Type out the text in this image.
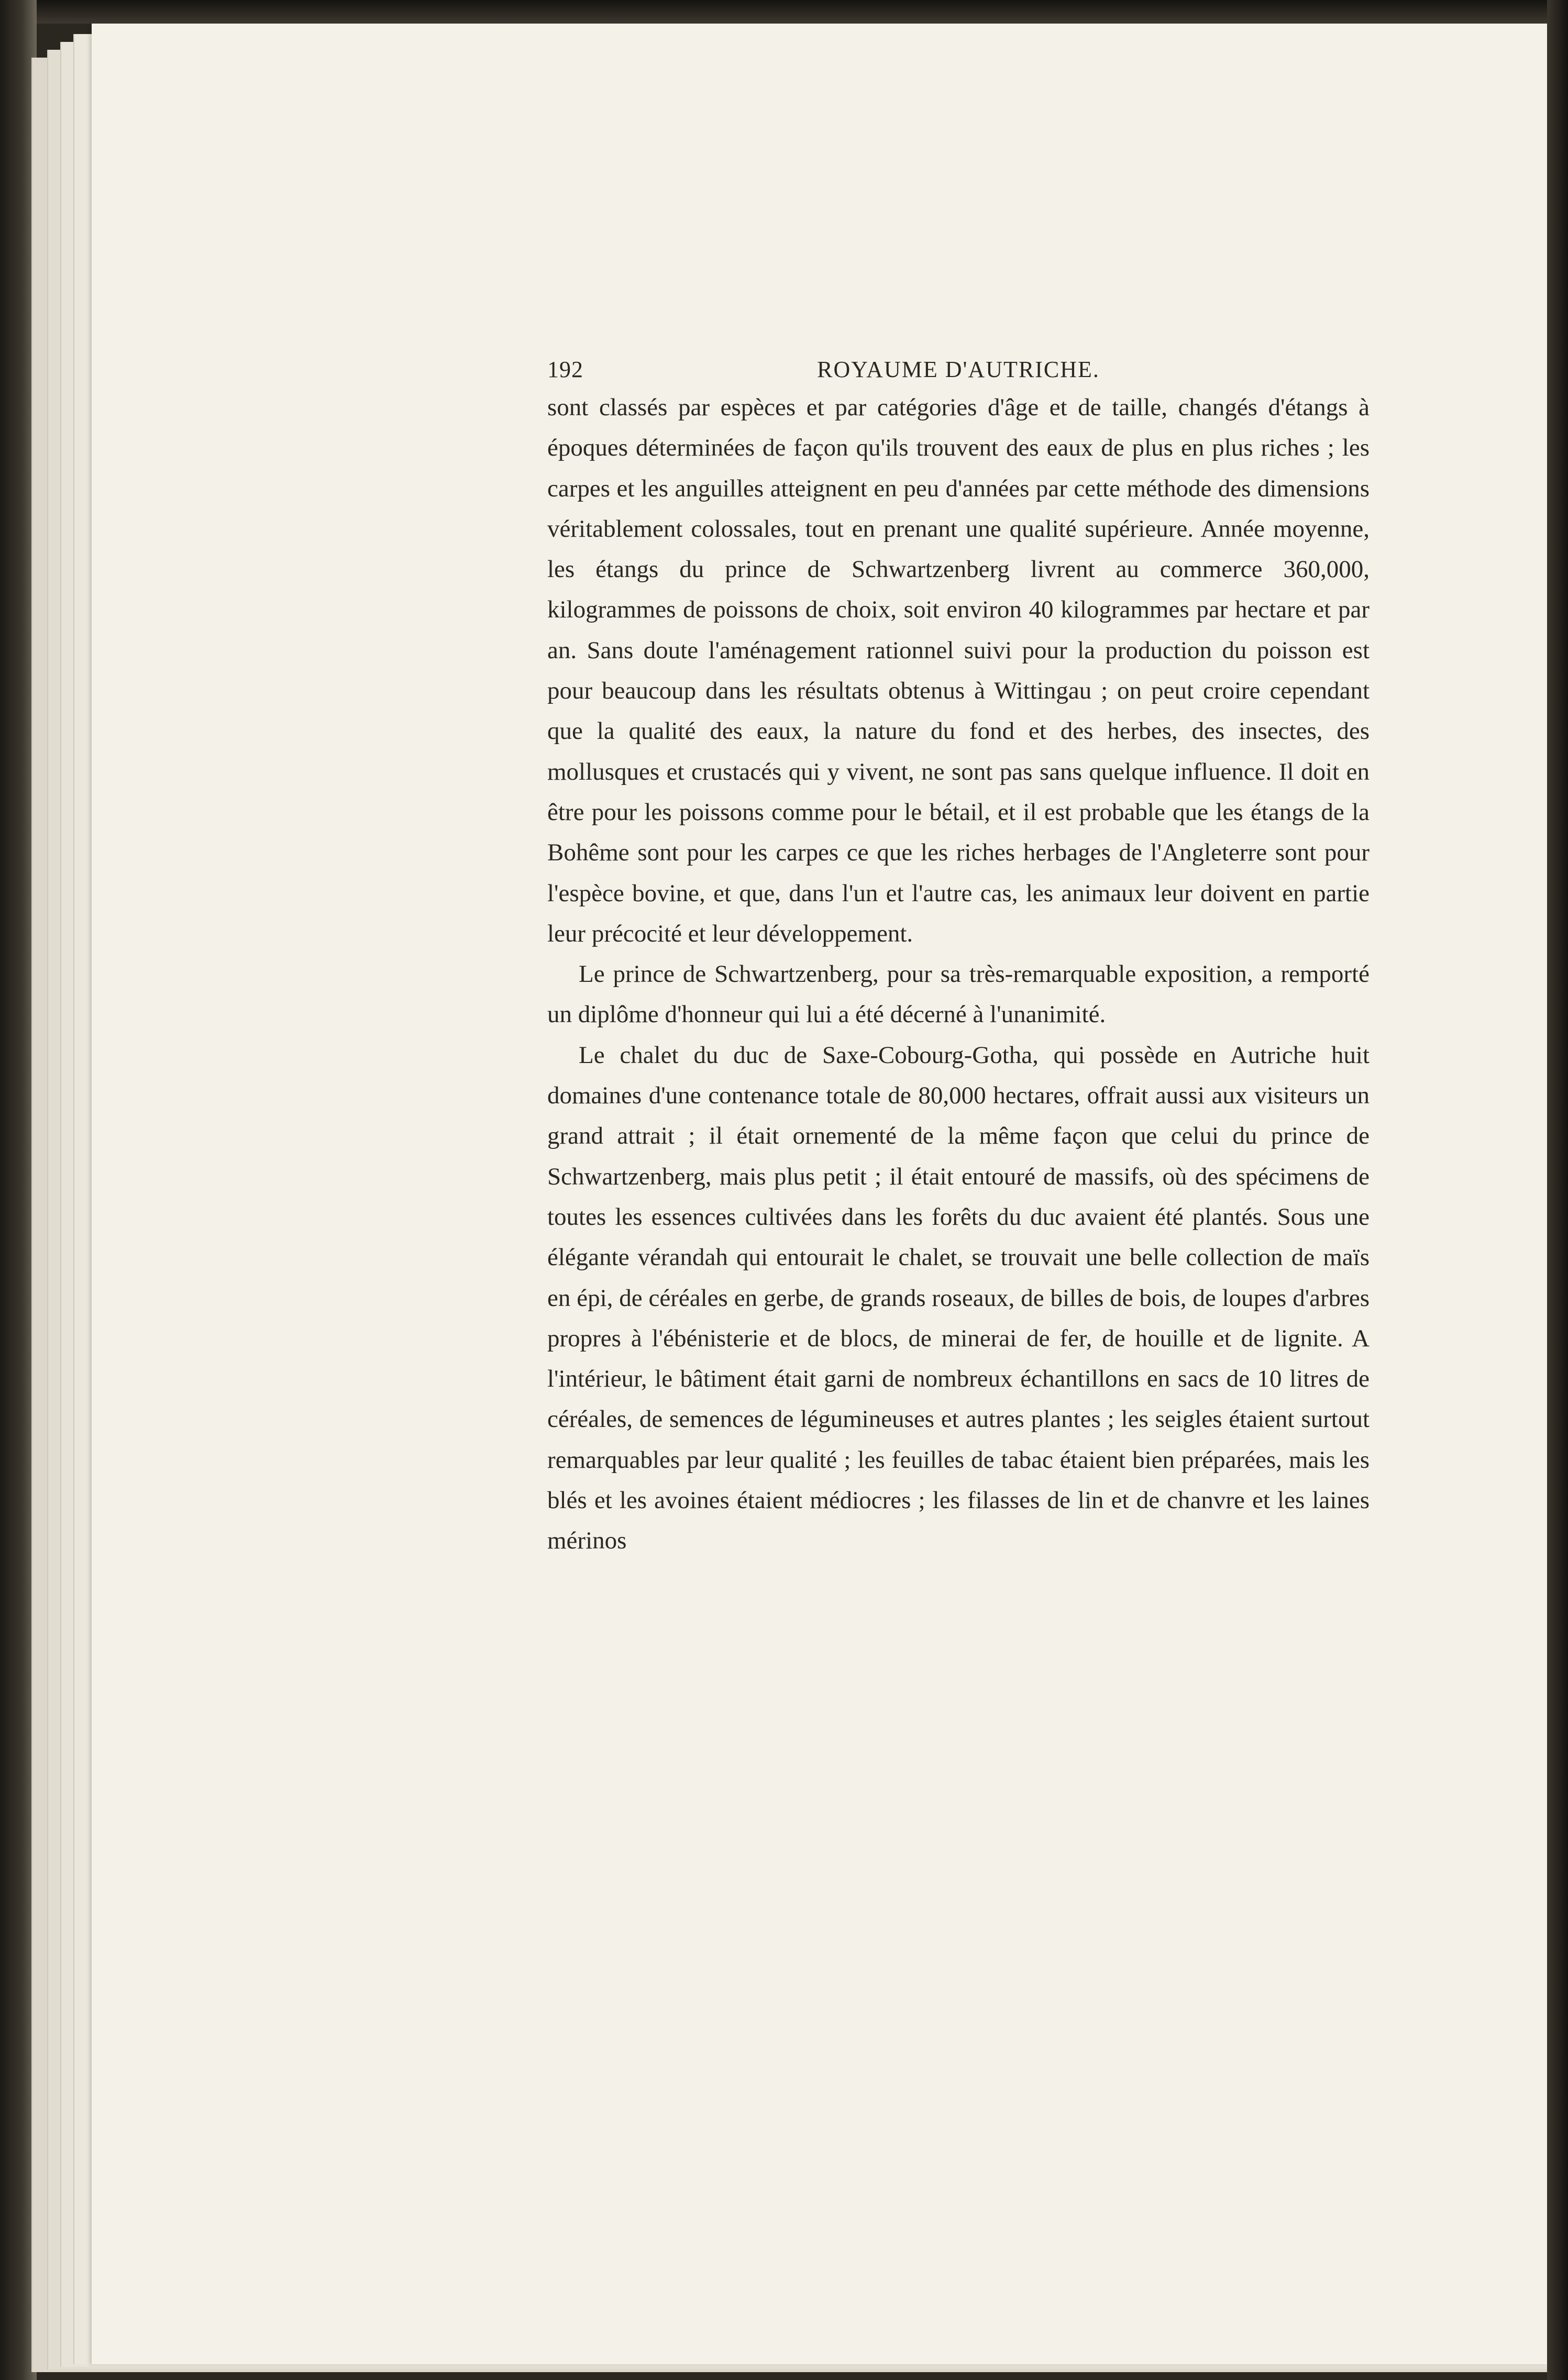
192	ROYAUME D'AUTRICHE.

sont classés par espèces et par catégories d'âge et de taille, changés d'étangs à époques déterminées de façon qu'ils trouvent des eaux de plus en plus riches ; les carpes et les anguilles atteignent en peu d'années par cette méthode des dimensions véritablement colossales, tout en prenant une qualité supérieure. Année moyenne, les étangs du prince de Schwartzenberg livrent au commerce 360,000, kilogrammes de poissons de choix, soit environ 40 kilogrammes par hectare et par an. Sans doute l'aménagement rationnel suivi pour la production du poisson est pour beaucoup dans les résultats obtenus à Wittingau ; on peut croire cependant que la qualité des eaux, la nature du fond et des herbes, des insectes, des mollusques et crustacés qui y vivent, ne sont pas sans quelque influence. Il doit en être pour les poissons comme pour le bétail, et il est probable que les étangs de la Bohême sont pour les carpes ce que les riches herbages de l'Angleterre sont pour l'espèce bovine, et que, dans l'un et l'autre cas, les animaux leur doivent en partie leur précocité et leur développement.

Le prince de Schwartzenberg, pour sa très-remarquable exposition, a remporté un diplôme d'honneur qui lui a été décerné à l'unanimité.

Le chalet du duc de Saxe-Cobourg-Gotha, qui possède en Autriche huit domaines d'une contenance totale de 80,000 hectares, offrait aussi aux visiteurs un grand attrait ; il était ornementé de la même façon que celui du prince de Schwartzenberg, mais plus petit ; il était entouré de massifs, où des spécimens de toutes les essences cultivées dans les forêts du duc avaient été plantés. Sous une élégante vérandah qui entourait le chalet, se trouvait une belle collection de maïs en épi, de céréales en gerbe, de grands roseaux, de billes de bois, de loupes d'arbres propres à l'ébénisterie et de blocs, de minerai de fer, de houille et de lignite. A l'intérieur, le bâtiment était garni de nombreux échantillons en sacs de 10 litres de céréales, de semences de légumineuses et autres plantes ; les seigles étaient surtout remarquables par leur qualité ; les feuilles de tabac étaient bien préparées, mais les blés et les avoines étaient médiocres ; les filasses de lin et de chanvre et les laines mérinos
